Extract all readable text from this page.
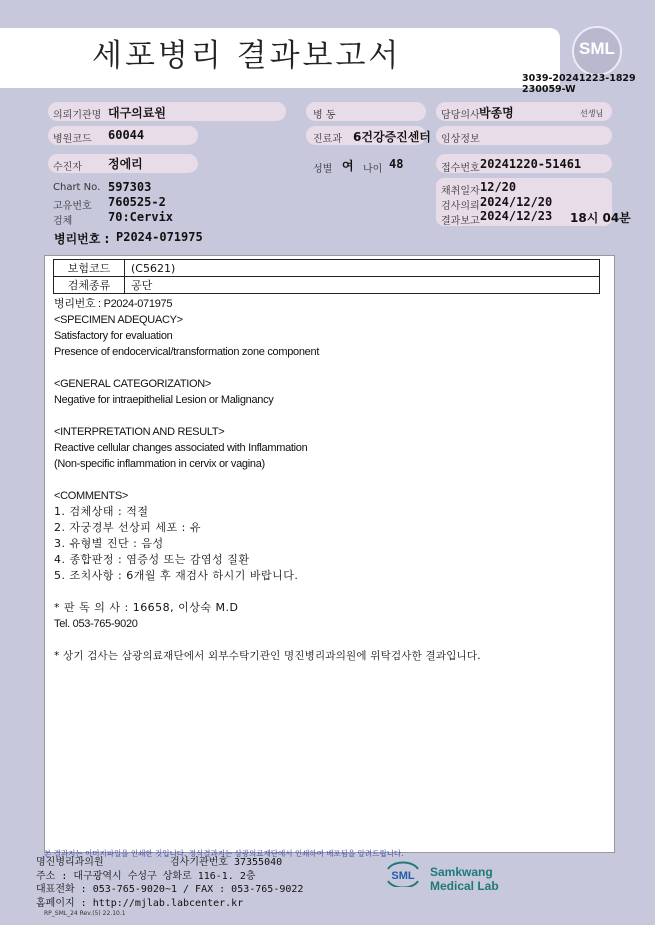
세포병리 결과보고서	SML
3039-20241223-1829
230059-W
의뢰기관명 대구의료원	병 동	담당의사 박종명	선생님
병원코드 60044	진료과 6건강증진센터 임상정보
수진자 정에리	성별 여 나이 48	접수번호 20241220-51461
Chart No. 597303
고유번호 760525-2
검체	70:Cervix
채취일자 12/20
검사의뢰 2024/12/20
결과보고 2024/12/23 18시 04분
병리번호 : P2024-071975
보험코드	(C5621)
검체종류	공단
병리번호 : P2024-071975
<SPECIMEN ADEQUACY>
Satisfactory for evaluation
Presence of endocervical/transformation zone component
<GENERAL CATEGORIZATION>
Negative for intraepithelial Lesion or Malignancy
<INTERPRETATION AND RESULT>
Reactive cellular changes associated with Inflammation
(Non-specific inflammation in cervix or vagina)
<COMMENTS>
1. 검체상태 : 적절
2. 자궁경부 선상피 세포 : 유
3. 유형별 진단 : 음성
4. 종합판정 : 염증성 또는 감염성 질환
5. 조치사항 : 6개월 후 재검사 하시기 바랍니다.
* 판 독 의 사 : 16658, 이상숙 M.D
Tel. 053-765-9020
* 상기 검사는 삼광의료재단에서 외부수탁기관인 명진병리과의원에 위탁검사한 결과입니다.
본 결과지는 이미지파일을 인쇄한 것입니다. 정식결과지는 삼광의료재단에서 인쇄하여 배포됨을 알려드립니다.
명진병리과의원	검사기관번호 37355040
주소 : 대구광역시 수성구 상화로 116-1. 2층
대표전화 : 053-765-9020~1 / FAX : 053-765-9022
홈페이지 : http://mjlab.labcenter.kr
RP_SML_24 Rev.(5) 22.10.1
SML Samkwang
Medical Lab
